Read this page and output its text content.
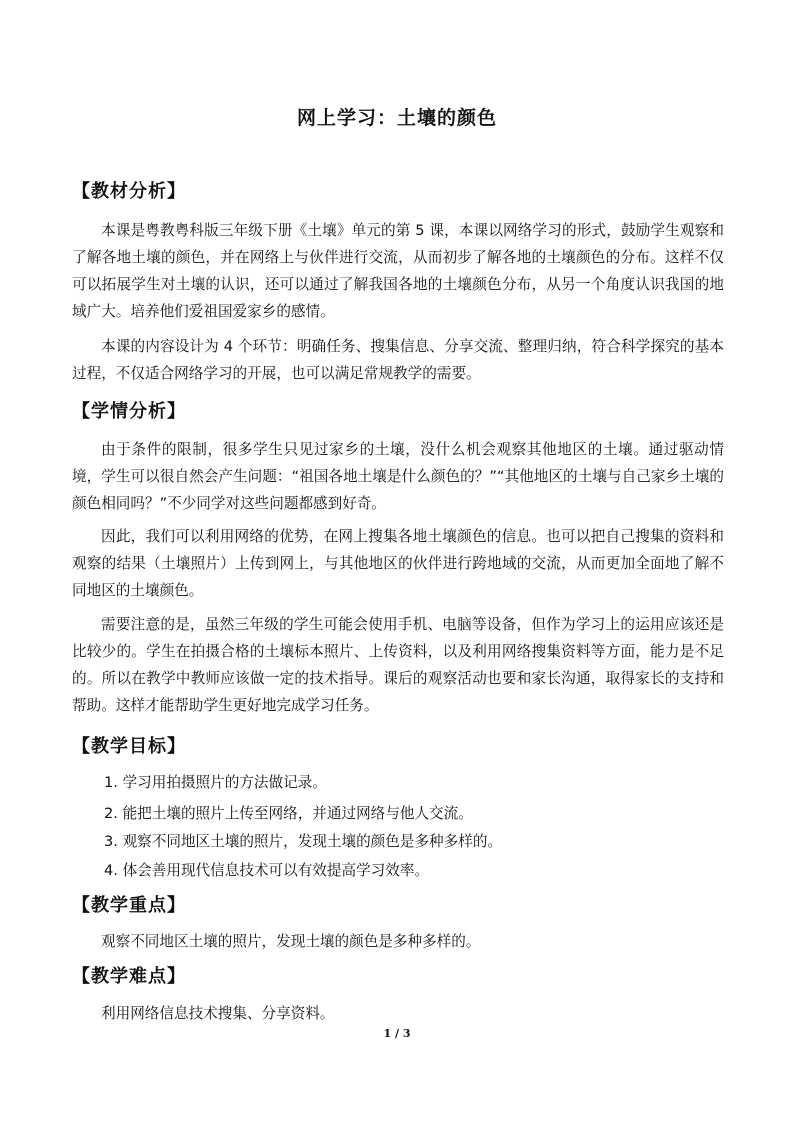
网上学习：土壤的颜色
【教材分析】

本课是粤教粤科版三年级下册《土壤》单元的第 5 课，本课以网络学习的形式，鼓励学生观察和了解各地土壤的颜色，并在网络上与伙伴进行交流，从而初步了解各地的土壤颜色的分布。这样不仅可以拓展学生对土壤的认识，还可以通过了解我国各地的土壤颜色分布，从另一个角度认识我国的地域广大。培养他们爱祖国爱家乡的感情。

本课的内容设计为 4 个环节：明确任务、搜集信息、分享交流、整理归纳，符合科学探究的基本过程，不仅适合网络学习的开展，也可以满足常规教学的需要。

【学情分析】

由于条件的限制，很多学生只见过家乡的土壤，没什么机会观察其他地区的土壤。通过驱动情境，学生可以很自然会产生问题：“祖国各地土壤是什么颜色的？”“其他地区的土壤与自己家乡土壤的颜色相同吗？”不少同学对这些问题都感到好奇。

因此，我们可以利用网络的优势，在网上搜集各地土壤颜色的信息。也可以把自己搜集的资料和观察的结果（土壤照片）上传到网上，与其他地区的伙伴进行跨地域的交流，从而更加全面地了解不同地区的土壤颜色。

需要注意的是，虽然三年级的学生可能会使用手机、电脑等设备，但作为学习上的运用应该还是比较少的。学生在拍摄合格的土壤标本照片、上传资料，以及利用网络搜集资料等方面，能力是不足的。所以在教学中教师应该做一定的技术指导。课后的观察活动也要和家长沟通，取得家长的支持和帮助。这样才能帮助学生更好地完成学习任务。

【教学目标】
1. 学习用拍摄照片的方法做记录。
2. 能把土壤的照片上传至网络，并通过网络与他人交流。
3. 观察不同地区土壤的照片，发现土壤的颜色是多种多样的。
4. 体会善用现代信息技术可以有效提高学习效率。
【教学重点】

观察不同地区土壤的照片，发现土壤的颜色是多种多样的。

【教学难点】

利用网络信息技术搜集、分享资料。

1 / 3
